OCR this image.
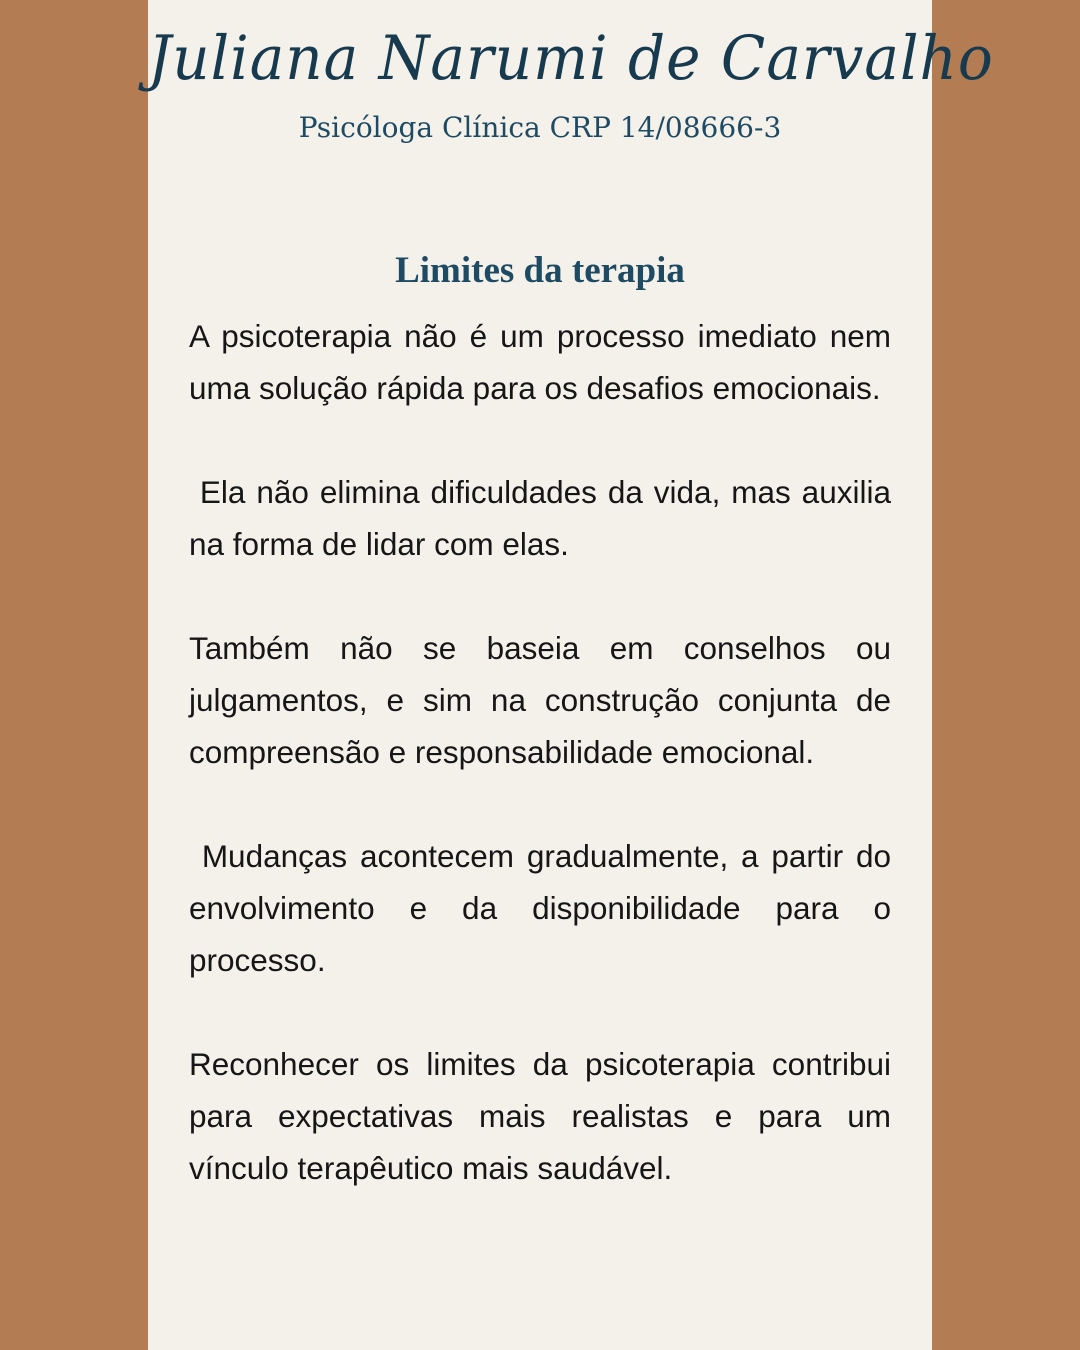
Juliana Narumi de Carvalho
Psicóloga Clínica CRP 14/08666-3
Limites da terapia

A psicoterapia não é um processo imediato nem uma solução rápida para os desafios emocionais.

Ela não elimina dificuldades da vida, mas auxilia na forma de lidar com elas.

Também não se baseia em conselhos ou julgamentos, e sim na construção conjunta de compreensão e responsabilidade emocional.

Mudanças acontecem gradualmente, a partir do envolvimento e da disponibilidade para o processo.

Reconhecer os limites da psicoterapia contribui para expectativas mais realistas e para um vínculo terapêutico mais saudável.
